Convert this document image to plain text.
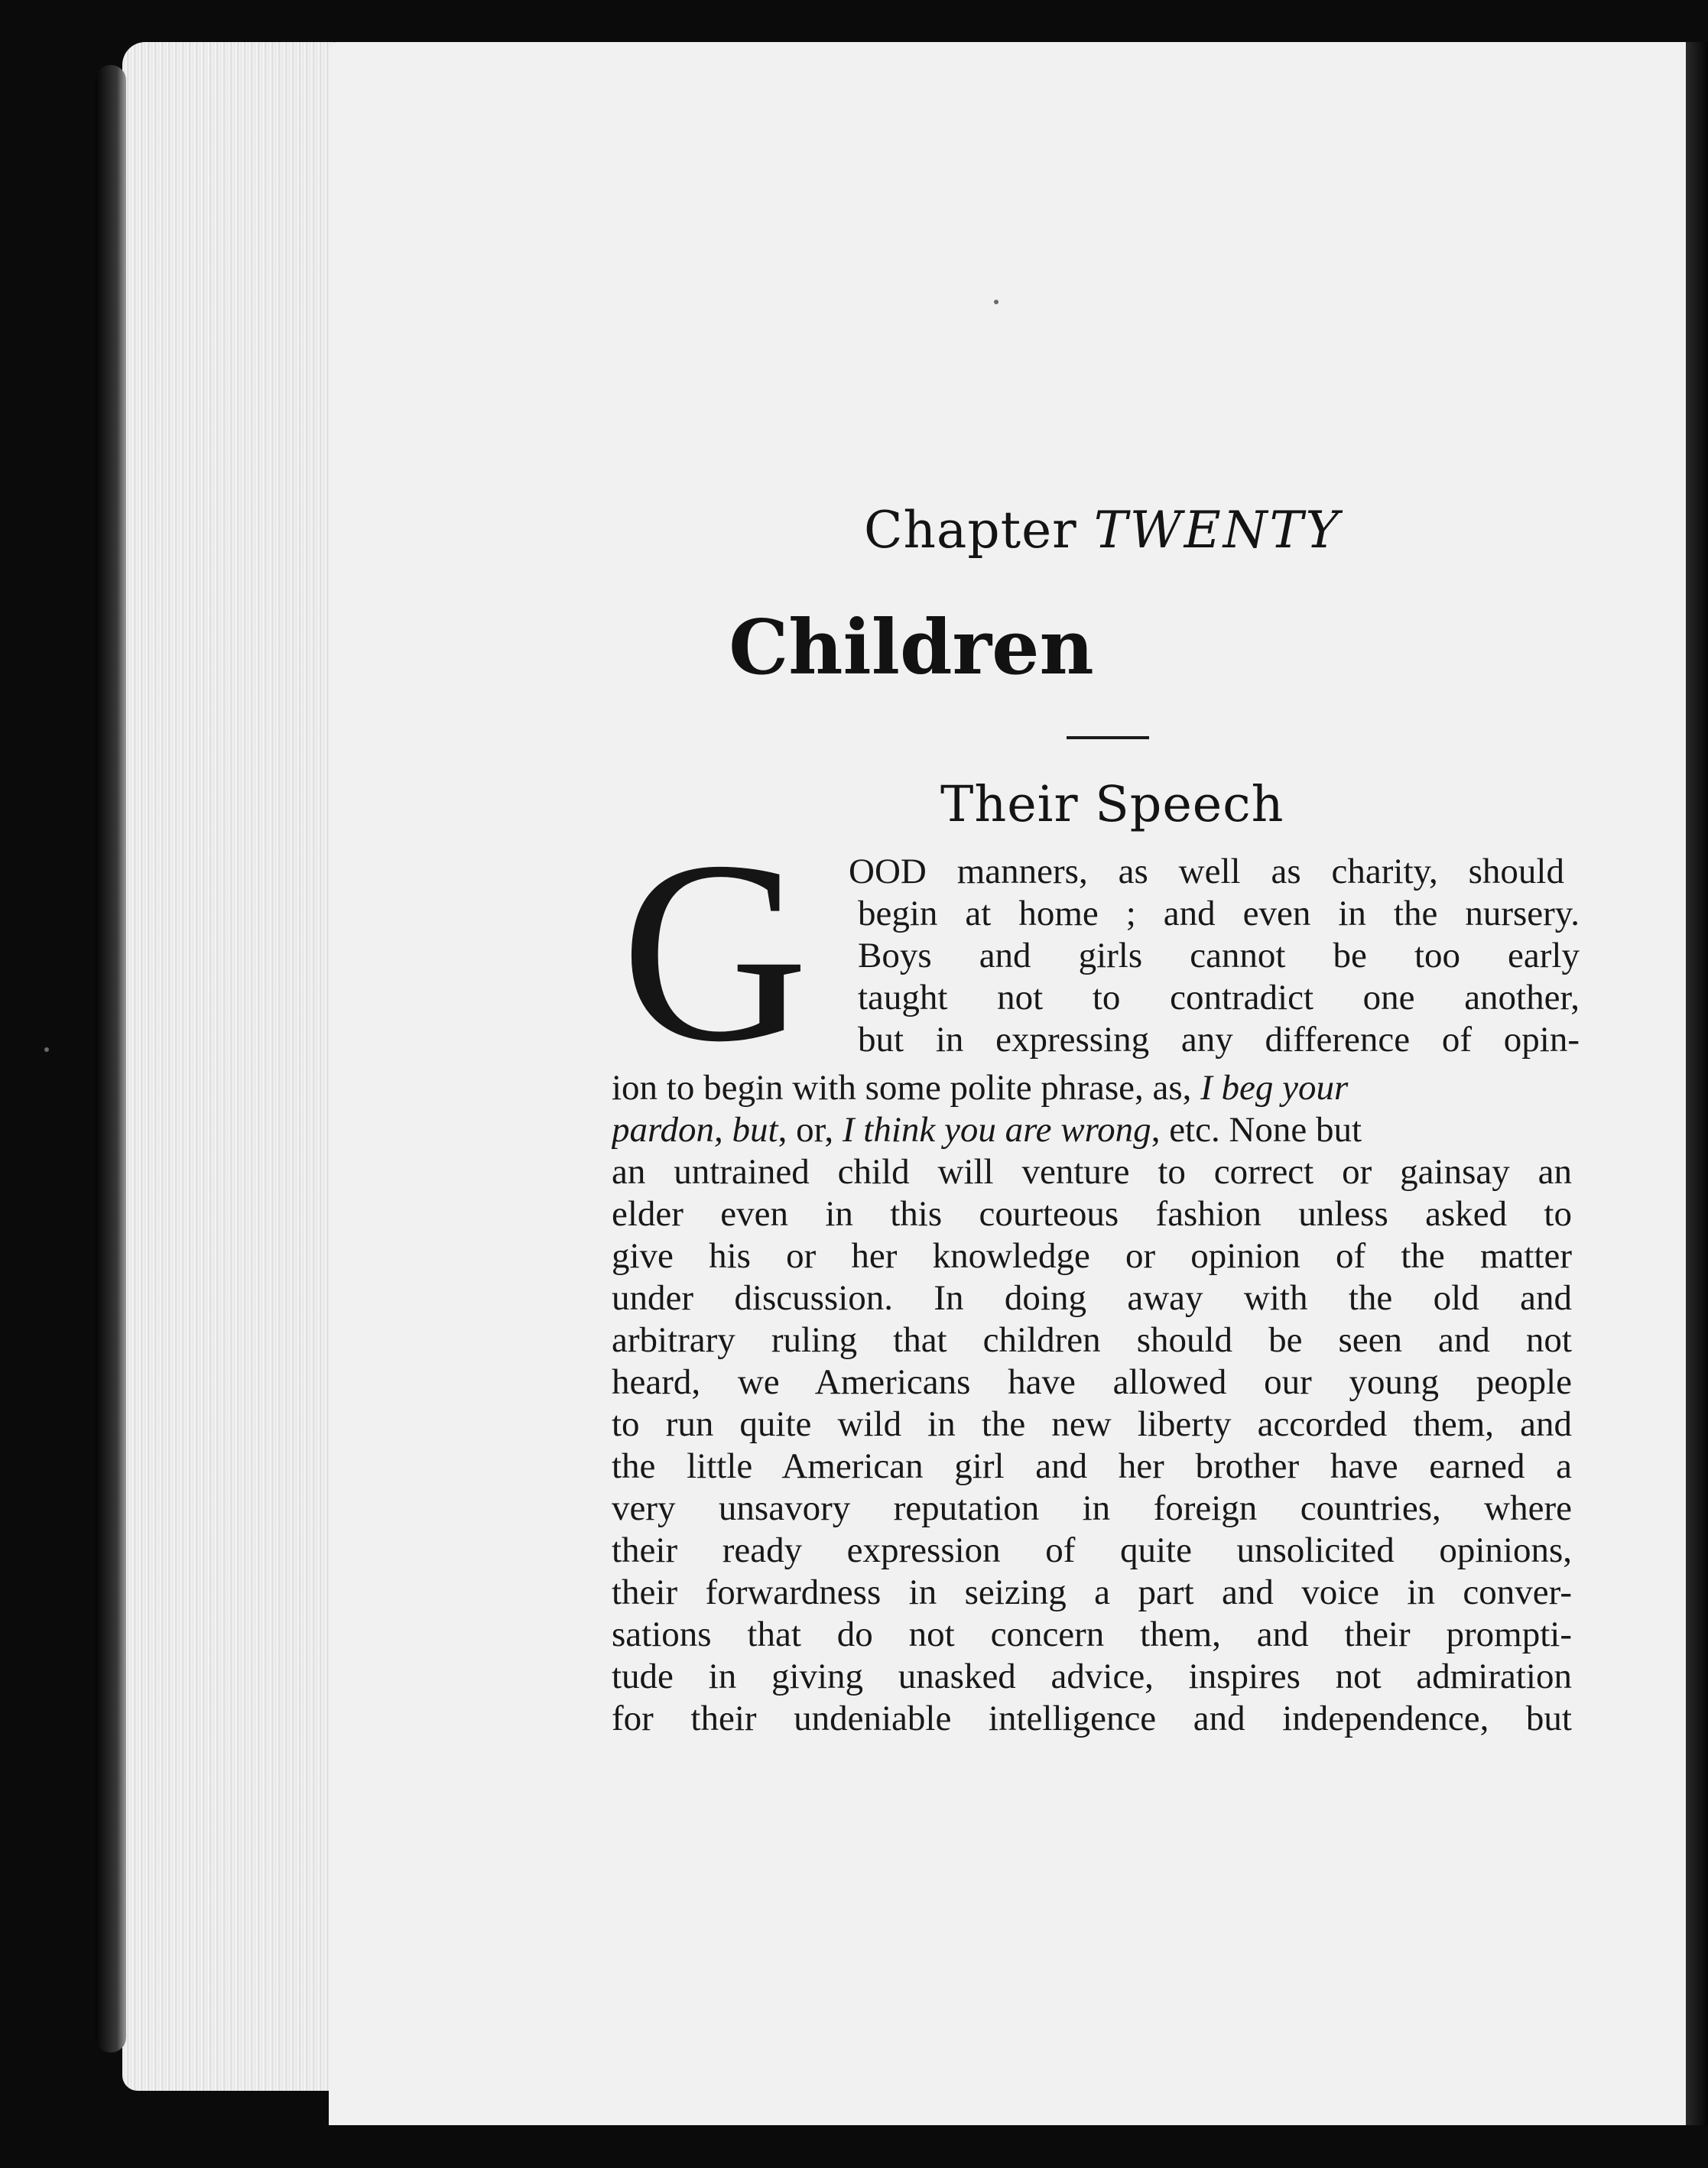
Chapter TWENTY
Children
Their Speech
G OOD manners, as well as charity, should
begin at home ; and even in the nursery.
Boys and girls cannot be too early
taught not to contradict one another,
but in expressing any difference of opin-
ion to begin with some polite phrase, as, I beg your
pardon, but, or, I think you are wrong, etc. None but
an untrained child will venture to correct or gainsay an
elder even in this courteous fashion unless asked to
give his or her knowledge or opinion of the matter
under discussion. In doing away with the old and
arbitrary ruling that children should be seen and not
heard, we Americans have allowed our young people
to run quite wild in the new liberty accorded them, and
the little American girl and her brother have earned a
very unsavory reputation in foreign countries, where
their ready expression of quite unsolicited opinions,
their forwardness in seizing a part and voice in conver-
sations that do not concern them, and their prompti-
tude in giving unasked advice, inspires not admiration
for their undeniable intelligence and independence, but
